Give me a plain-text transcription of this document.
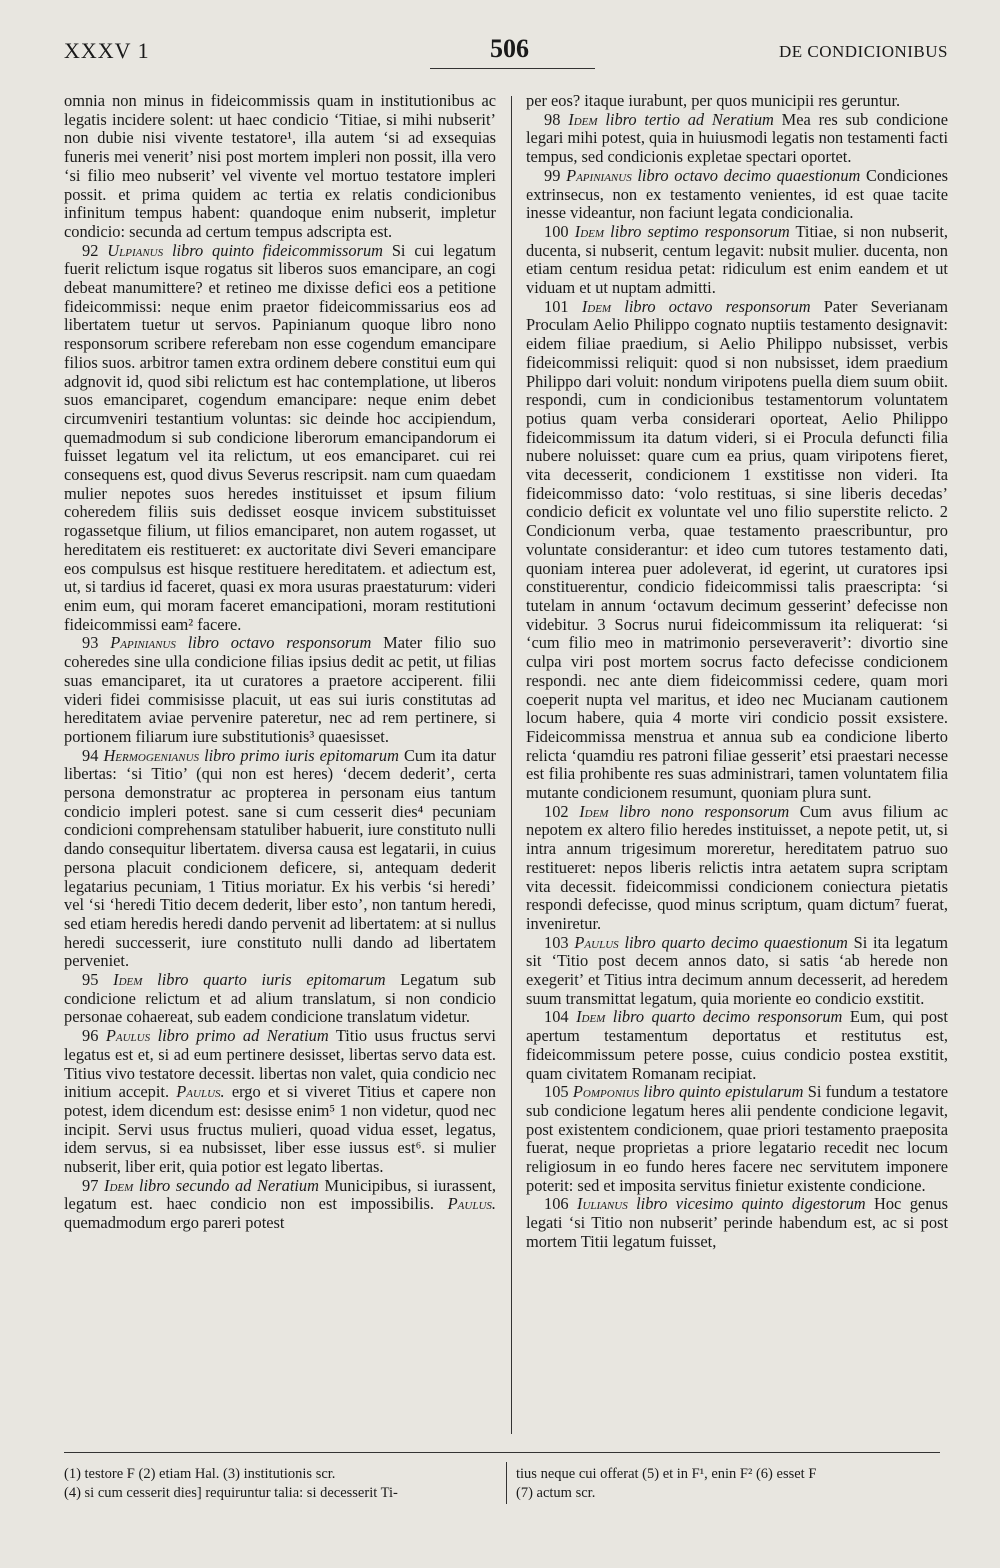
XXXV 1	506	DE CONDICIONIBUS

omnia non minus in fideicommissis quam in institutionibus ac legatis incidere solent: ut haec condicio ‘Titiae, si mihi nubserit’ non dubie nisi vivente testatore¹, illa autem ‘si ad exsequias funeris mei venerit’ nisi post mortem impleri non possit, illa vero ‘si filio meo nubserit’ vel vivente vel mortuo testatore impleri possit. et prima quidem ac tertia ex relatis condicionibus infinitum tempus habent: quandoque enim nubserit, impletur condicio: secunda ad certum tempus adscripta est.

92 Ulpianus libro quinto fideicommissorum Si cui legatum fuerit relictum isque rogatus sit liberos suos emancipare, an cogi debeat manumittere? et retineo me dixisse defici eos a petitione fideicommissi: neque enim praetor fideicommissarius eos ad libertatem tuetur ut servos. Papinianum quoque libro nono responsorum scribere referebam non esse cogendum emancipare filios suos. arbitror tamen extra ordinem debere constitui eum qui adgnovit id, quod sibi relictum est hac contemplatione, ut liberos suos emanciparet, cogendum emancipare: neque enim debet circumveniri testantium voluntas: sic deinde hoc accipiendum, quemadmodum si sub condicione liberorum emancipandorum ei fuisset legatum vel ita relictum, ut eos emanciparet. cui rei consequens est, quod divus Severus rescripsit. nam cum quaedam mulier nepotes suos heredes instituisset et ipsum filium coheredem filiis suis dedisset eosque invicem substituisset rogassetque filium, ut filios emanciparet, non autem rogasset, ut hereditatem eis restitueret: ex auctoritate divi Severi emancipare eos compulsus est hisque restituere hereditatem. et adiectum est, ut, si tardius id faceret, quasi ex mora usuras praestaturum: videri enim eum, qui moram faceret emancipationi, moram restitutioni fideicommissi eam² facere.

93 Papinianus libro octavo responsorum Mater filio suo coheredes sine ulla condicione filias ipsius dedit ac petit, ut filias suas emanciparet, ita ut curatores a praetore acciperent. filii videri fidei commisisse placuit, ut eas sui iuris constitutas ad hereditatem aviae pervenire pateretur, nec ad rem pertinere, si portionem filiarum iure substitutionis³ quaesisset.

94 Hermogenianus libro primo iuris epitomarum Cum ita datur libertas: ‘si Titio’ (qui non est heres) ‘decem dederit’, certa persona demonstratur ac propterea in personam eius tantum condicio impleri potest. sane si cum cesserit dies⁴ pecuniam condicioni comprehensam statuliber habuerit, iure constituto nulli dando consequitur libertatem. diversa causa est legatarii, in cuius persona placuit condicionem deficere, si, antequam dederit legatarius pecuniam, 1 Titius moriatur. Ex his verbis ‘si heredi’ vel ‘si ‘heredi Titio decem dederit, liber esto’, non tantum heredi, sed etiam heredis heredi dando pervenit ad libertatem: at si nullus heredi successerit, iure constituto nulli dando ad libertatem perveniet.

95 Idem libro quarto iuris epitomarum Legatum sub condicione relictum et ad alium translatum, si non condicio personae cohaereat, sub eadem condicione translatum videtur.

96 Paulus libro primo ad Neratium Titio usus fructus servi legatus est et, si ad eum pertinere desisset, libertas servo data est. Titius vivo testatore decessit. libertas non valet, quia condicio nec initium accepit. Paulus. ergo et si viveret Titius et capere non potest, idem dicendum est: desisse enim⁵ 1 non videtur, quod nec incipit. Servi usus fructus mulieri, quoad vidua esset, legatus, idem servus, si ea nubsisset, liber esse iussus est⁶. si mulier nubserit, liber erit, quia potior est legato libertas.

97 Idem libro secundo ad Neratium Municipibus, si iurassent, legatum est. haec condicio non est impossibilis. Paulus. quemadmodum ergo pareri potest

per eos? itaque iurabunt, per quos municipii res geruntur.

98 Idem libro tertio ad Neratium Mea res sub condicione legari mihi potest, quia in huiusmodi legatis non testamenti facti tempus, sed condicionis expletae spectari oportet.

99 Papinianus libro octavo decimo quaestionum Condiciones extrinsecus, non ex testamento venientes, id est quae tacite inesse videantur, non faciunt legata condicionalia.

100 Idem libro septimo responsorum Titiae, si non nubserit, ducenta, si nubserit, centum legavit: nubsit mulier. ducenta, non etiam centum residua petat: ridiculum est enim eandem et ut viduam et ut nuptam admitti.

101 Idem libro octavo responsorum Pater Severianam Proculam Aelio Philippo cognato nuptiis testamento designavit: eidem filiae praedium, si Aelio Philippo nubsisset, verbis fideicommissi reliquit: quod si non nubsisset, idem praedium Philippo dari voluit: nondum viripotens puella diem suum obiit. respondi, cum in condicionibus testamentorum voluntatem potius quam verba considerari oporteat, Aelio Philippo fideicommissum ita datum videri, si ei Procula defuncti filia nubere noluisset: quare cum ea prius, quam viripotens fieret, vita decesserit, condicionem 1 exstitisse non videri. Ita fideicommisso dato: ‘volo restituas, si sine liberis decedas’ condicio deficit ex voluntate vel uno filio superstite relicto. 2 Condicionum verba, quae testamento praescribuntur, pro voluntate considerantur: et ideo cum tutores testamento dati, quoniam interea puer adoleverat, id egerint, ut curatores ipsi constituerentur, condicio fideicommissi talis praescripta: ‘si tutelam in annum ‘octavum decimum gesserint’ defecisse non videbitur. 3 Socrus nurui fideicommissum ita reliquerat: ‘si ‘cum filio meo in matrimonio perseveraverit’: divortio sine culpa viri post mortem socrus facto defecisse condicionem respondi. nec ante diem fideicommissi cedere, quam mori coeperit nupta vel maritus, et ideo nec Mucianam cautionem locum habere, quia 4 morte viri condicio possit exsistere. Fideicommissa menstrua et annua sub ea condicione liberto relicta ‘quamdiu res patroni filiae gesserit’ etsi praestari necesse est filia prohibente res suas administrari, tamen voluntatem filia mutante condicionem resumunt, quoniam plura sunt.

102 Idem libro nono responsorum Cum avus filium ac nepotem ex altero filio heredes instituisset, a nepote petit, ut, si intra annum trigesimum moreretur, hereditatem patruo suo restitueret: nepos liberis relictis intra aetatem supra scriptam vita decessit. fideicommissi condicionem coniectura pietatis respondi defecisse, quod minus scriptum, quam dictum⁷ fuerat, inveniretur.

103 Paulus libro quarto decimo quaestionum Si ita legatum sit ‘Titio post decem annos dato, si satis ‘ab herede non exegerit’ et Titius intra decimum annum decesserit, ad heredem suum transmittat legatum, quia moriente eo condicio exstitit.

104 Idem libro quarto decimo responsorum Eum, qui post apertum testamentum deportatus et restitutus est, fideicommissum petere posse, cuius condicio postea exstitit, quam civitatem Romanam recipiat.

105 Pomponius libro quinto epistularum Si fundum a testatore sub condicione legatum heres alii pendente condicione legavit, post existentem condicionem, quae priori testamento praeposita fuerat, neque proprietas a priore legatario recedit nec locum religiosum in eo fundo heres facere nec servitutem imponere poterit: sed et imposita servitus finietur existente condicione.

106 Iulianus libro vicesimo quinto digestorum Hoc genus legati ‘si Titio non nubserit’ perinde habendum est, ac si post mortem Titii legatum fuisset,

(1) testore F (2) etiam Hal. (3) institutionis scr.
(4) si cum cesserit dies] requiruntur talia: si decesserit Ti-
tius neque cui offerat (5) et in F¹, enin F² (6) esset F
(7) actum scr.
